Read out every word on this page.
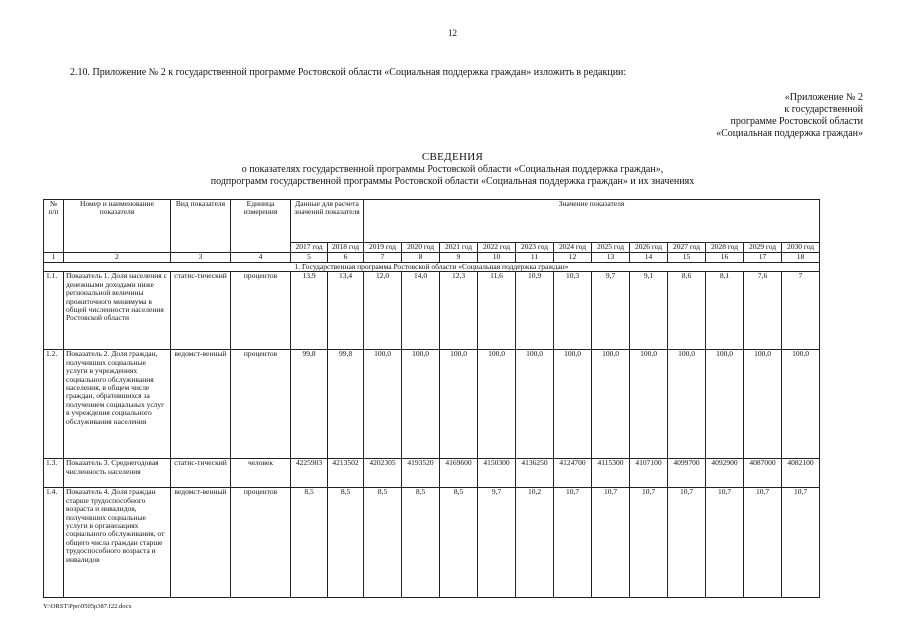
12
2.10. Приложение № 2 к государственной программе Ростовской области «Социальная поддержка граждан» изложить в редакции:
«Приложение № 2
к государственной
программе Ростовской области
«Социальная поддержка граждан»
СВЕДЕНИЯ
о показателях государственной программы Ростовской области «Социальная поддержка граждан»,
подпрограмм государственной программы Ростовской области «Социальная поддержка граждан» и их значениях
№ п/п	Номер и наименование показателя	Вид показателя	Единица измерения	Данные для расчета значений показателя		Значение показателя											
				2017 год	2018 год	2019 год	2020 год	2021 год	2022 год	2023 год	2024 год	2025 год	2026 год	2027 год	2028 год	2029 год	2030 год
1	2	3	4	5	6	7	8	9	10	11	12	13	14	15	16	17	18
1. Государственная программа Ростовской области «Социальная поддержка граждан»																	
1.1.	Показатель 1. Доля населения с денежными доходами ниже региональной величины прожиточного минимума в общей численности населения Ростовской области	статис-тический	процентов	13,9	13,4	12,0	14,0	12,3	11,6	10,9	10,3	9,7	9,1	8,6	8,1	7,6	7
1.2.	Показатель 2. Доля граждан, получивших социальные услуги в учреждениях социального обслуживания населения, в общем числе граждан, обратившихся за получением социальных услуг в учреждения социального обслуживания населения	ведомст-венный	процентов	99,8	99,8	100,0	100,0	100,0	100,0	100,0	100,0	100,0	100,0	100,0	100,0	100,0	100,0
1.3.	Показатель 3. Среднегодовая численность населения	статис-тический	человек	4225903	4213502	4202305	4193520	4169600	4150300	4136250	4124700	4115300	4107100	4099700	4092900	4087000	4082100
1.4.	Показатель 4. Доля граждан старше трудоспособного возраста и инвалидов, получивших социальные услуги в организациях социального обслуживания, от общего числа граждан старше трудоспособного возраста и инвалидов	ведомст-венный	процентов	8,5	8,5	8,5	8,5	8,5	9,7	10,2	10,7	10,7	10,7	10,7	10,7	10,7	10,7
Y:\ORST\Ppo\0505p387.f22.docx
